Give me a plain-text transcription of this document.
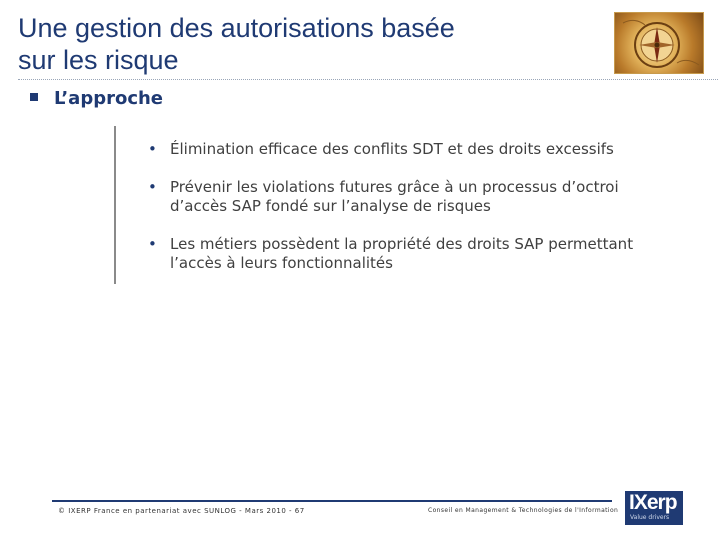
Une gestion des autorisations basée
sur les risque
L’approche
• Élimination efficace des conflits SDT et des droits excessifs
• Prévenir les violations futures grâce à un processus d’octroi
d’accès SAP fondé sur l’analyse de risques
• Les métiers possèdent la propriété des droits SAP permettant
l’accès à leurs fonctionnalités
© IXERP France en partenariat avec SUNLOG - Mars 2010 - 67	Conseil en Management & Technologies de l'Information IXerp
Value drivers
